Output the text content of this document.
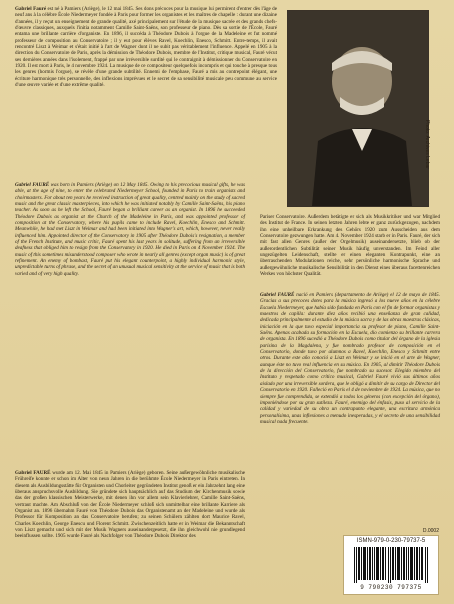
Gabriel Fauré est né à Pamiers (Ariège), le 12 mai 1845. Ses dons précoces pour la musique lui permirent d'entrer dès l'âge de neuf ans à la célèbre École Niedermeyer fondée à Paris pour former les organistes et les maîtres de chapelle : durant une dizaine d'années, il y reçut un enseignement de grande qualité, axé principalement sur l'étude de la musique sacrée et des grands chefs-d'œuvre classiques, auxquels l'initia notamment Camille Saint-Saëns, son professeur de piano. Dès sa sortie de l'École, Fauré entama une brillante carrière d'organiste. En 1896, il succéda à Théodore Dubois à l'orgue de la Madeleine et fut nommé professeur de composition au Conservatoire ; il y eut pour élèves Ravel, Koechlin, Enesco, Schmitt. Entre-temps, il avait rencontré Liszt à Weimar et s'était initié à l'art de Wagner dont il ne subit pas véritablement l'influence. Appelé en 1905 à la direction du Conservatoire de Paris, après la démission de Théodore Dubois, membre de l'Institut, critique musical, Fauré vécut ses dernières années dans l'isolement, frappé par une irréversible surdité qui le contraignit à démissionner du Conservatoire en 1920. Il est mort à Paris, le 4 novembre 1924. La musique de ce compositeur quelquefois incompris et qui touche à presque tous les genres (hormis l'orgue), se révèle d'une grande subtilité. Ennemi de l'emphase, Fauré a mis au contrepoint élégant, une écriture harmonique très personnelle, des inflexions imprévues et le secret de sa sensibilité musicale peu commune au service d'une œuvre variée et d'une extrême qualité.

Photo: Archives Lebar

Gabriel FAURÉ was born in Pamiers (Ariège) on 12 May 1845. Owing to his precocious musical gifts, he was able, at the age of nine, to enter the celebrated Niedermeyer School, founded in Paris to train organists and choirmasters. For about ten years he received instruction of great quality, centred mainly on the study of sacred music and the great classic masterpieces, into which he was initiated notably by Camille Saint-Saëns, his piano teacher. As soon as he left the School, Fauré began a brilliant career as an organist. In 1896 he succeeded Théodore Dubois as organist at the Church of the Madeleine in Paris, and was appointed professor of composition at the Conservatory, where his pupils came to include Ravel, Koechlin, Enesco and Schmitt. Meanwhile, he had met Liszt in Weimar and had been initiated into Wagner's art, which, however, never really influenced him. Appointed director of the Conservatory in 1905 after Théodore Dubois's resignation, a member of the French Institute, and music critic, Fauré spent his last years in solitude, suffering from an irreversible deafness that obliged him to resign from the Conservatory in 1920. He died in Paris on 4 November 1924. The music of this sometimes misunderstood composer who wrote in nearly all genres (except organ music) is of great refinement. An enemy of bombast, Fauré put his elegant counterpoint, a highly individual harmonic style, unpredictable turns of phrase, and the secret of an unusual musical sensitivity at the service of music that is both varied and of very high quality.

Gabriel FAURÉ wurde am 12. Mai 1845 in Pamiers (Ariège) geboren. Seine außergewöhnliche musikalische Frühreife konnte er schon im Alter von neun Jahren in die berühmte École Niedermeyer in Paris eintreten. In diesem als Ausbildungsstätte für Organisten und Chorleiter gegründeten Institut genoß er ein Jahrzehnt lang eine überaus anspruchsvolle Ausbildung. Sie gründete sich hauptsächlich auf das Studium der Kirchenmusik sowie das der großen klassischen Meisterwerke, mit denen ihn vor allem sein Klavierlehrer, Camille Saint-Saëns, vertraut machte. Am Abschluß von der École Niedermeyer schloß sich unmittelbar eine brillante Karriere als Organist an. 1896 übernahm Fauré von Théodore Dubois das Organistenamt an der Madeleine und wurde als Professor für Komposition an das Conservatoire berufen; zu seinen Schülern zählten dort Maurice Ravel, Charles Koechlin, George Enescu und Florent Schmitt. Zwischenzeitlich hatte er in Weimar die Bekanntschaft von Liszt gemacht und sich mit der Musik Wagners auseinandergesetzt, die ihn gleichwohl nie grundlegend beeinflussen sollte. 1905 wurde Fauré als Nachfolger von Théodore Dubois Direktor des

Pariser Conservatoire. Außerdem betätigte er sich als Musikkritiker und war Mitglied des Institut de France. In seinen letzten Jahren lebte er ganz zurückgezogen, nachdem ihn eine unheilbare Erkrankung des Gehörs 1920 zum Ausscheiden aus dem Conservatoire gezwungen hatte. Am 4. November 1924 starb er in Paris. Fauré, der sich mit fast allen Genres (außer der Orgelmusik) auseinandersetzte, blieb ob der außerordentlichen Subtilität seiner Musik häufig unverstanden. Im Feind aller ungezügelten Leidenschaft, stellte er einen eleganten Kontrapunkt, eine an überraschenden Modulationen reiche, sehr persönliche harmonische Sprache und außergewöhnliche musikalische Sensibilität in den Dienst eines überaus facettenreichen Werkes von höchster Qualität.

Gabriel FAURÉ nació en Pamiers (departamento de Ariège) el 12 de mayo de 1845. Gracias a sus precoces dotes para la música ingresó a los nueve años en la célebre Escuela Niedermeyer, que había sido fundada en París con el fin de formar organistas y maestros de capilla: durante diez años recibió una enseñanza de gran calidad, dedicada principalmente al estudio de la música sacra y de las obras maestras clásicas, iniciación en la que tuvo especial importancia su profesor de piano, Camille Saint-Saëns. Apenas acabada su formación en la Escuela, dio comienzo su brillante carrera de organista. En 1896 sucedió a Théodore Dubois como titular del órgano de la iglesia parisina de la Magdalena, y fue nombrado profesor de composición en el Conservatorio, donde tuvo por alumnos a Ravel, Koechlin, Enesco y Schmitt entre otros. Durante este año conoció a Liszt en Weimar y se inició en el arte de Wagner, aunque éste no tuvo real influencia en su música. En 1905, al dimitir Théodore Dubois de la dirección del Conservatorio, fue nombrado su sucesor. Elegido miembro del Instituto y respetado como crítico musical, Gabriel Fauré vivió sus últimos años aislado por una irreversible sordera, que le obligó a dimitir de su cargo de Director del Conservatorio en 1920. Falleció en París el 4 de noviembre de 1924. La música, que no siempre fue comprendida, se extendió a todos los géneros (con excepción del órgano), imponiéndose por su gran sutileza. Fauré, enemigo del énfasis, puso al servicio de la calidad y variedad de su obra un contrapunto elegante, una escritura armónica personalísima, unas inflexiones a menudo inesperadas, y el secreto de una sensibilidad musical nada frecuente.

D.0002
ISMN-979-0-230-79737-5
9 790230 797375
